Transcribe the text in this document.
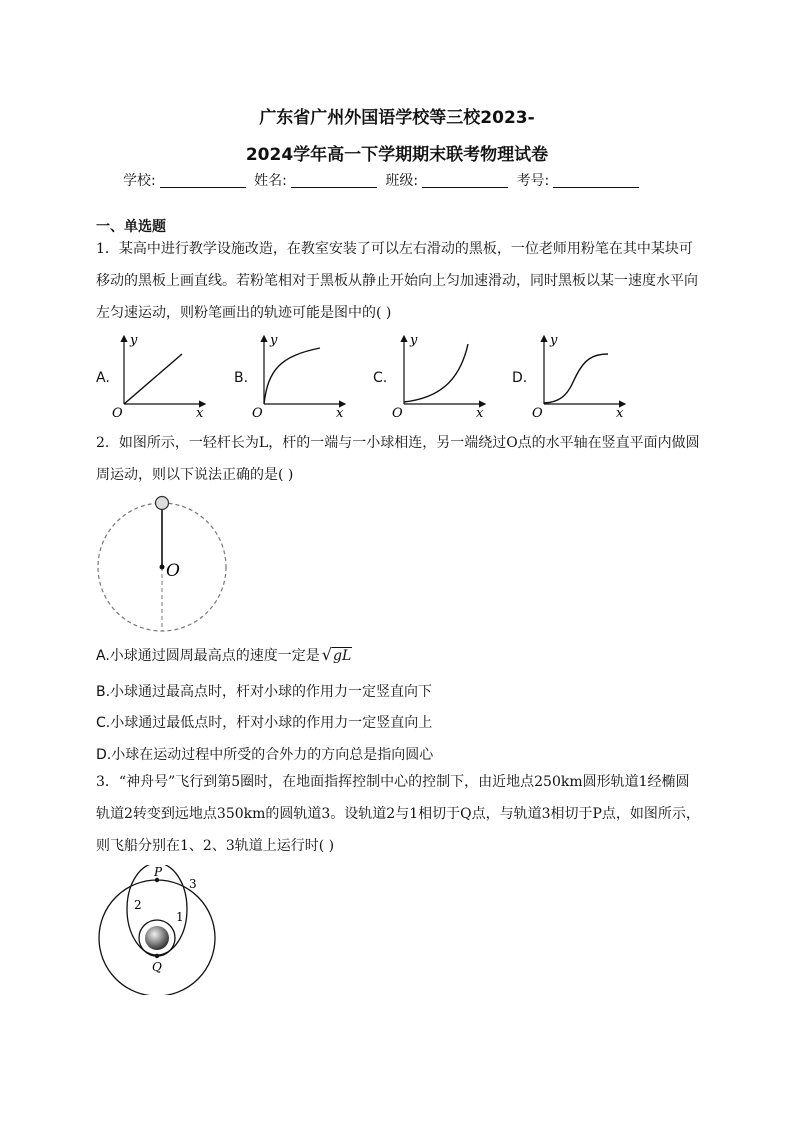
广东省广州外国语学校等三校2023-
2024学年高一下学期期末联考物理试卷
学校:	姓名:	班级:	考号:
一、单选题
1．某高中进行教学设施改造，在教室安装了可以左右滑动的黑板，一位老师用粉笔在其中某块可移动的黑板上画直线。若粉笔相对于黑板从静止开始向上匀加速滑动，同时黑板以某一速度水平向左匀速运动，则粉笔画出的轨迹可能是图中的( )
A.	B.	C.	D.
y
x
O
y
x
O
y
x
O
y
x
O
2．如图所示，一轻杆长为L，杆的一端与一小球相连，另一端绕过O点的水平轴在竖直平面内做圆周运动，则以下说法正确的是( )
O
A.小球通过圆周最高点的速度一定是 √gL
B.小球通过最高点时，杆对小球的作用力一定竖直向下
C.小球通过最低点时，杆对小球的作用力一定竖直向上
D.小球在运动过程中所受的合外力的方向总是指向圆心
3．“神舟号”飞行到第5圈时，在地面指挥控制中心的控制下，由近地点250km圆形轨道1经椭圆轨道2转变到远地点350km的圆轨道3。设轨道2与1相切于Q点，与轨道3相切于P点，如图所示，则飞船分别在1、2、3轨道上运行时( )
P
Q
3
2
1
